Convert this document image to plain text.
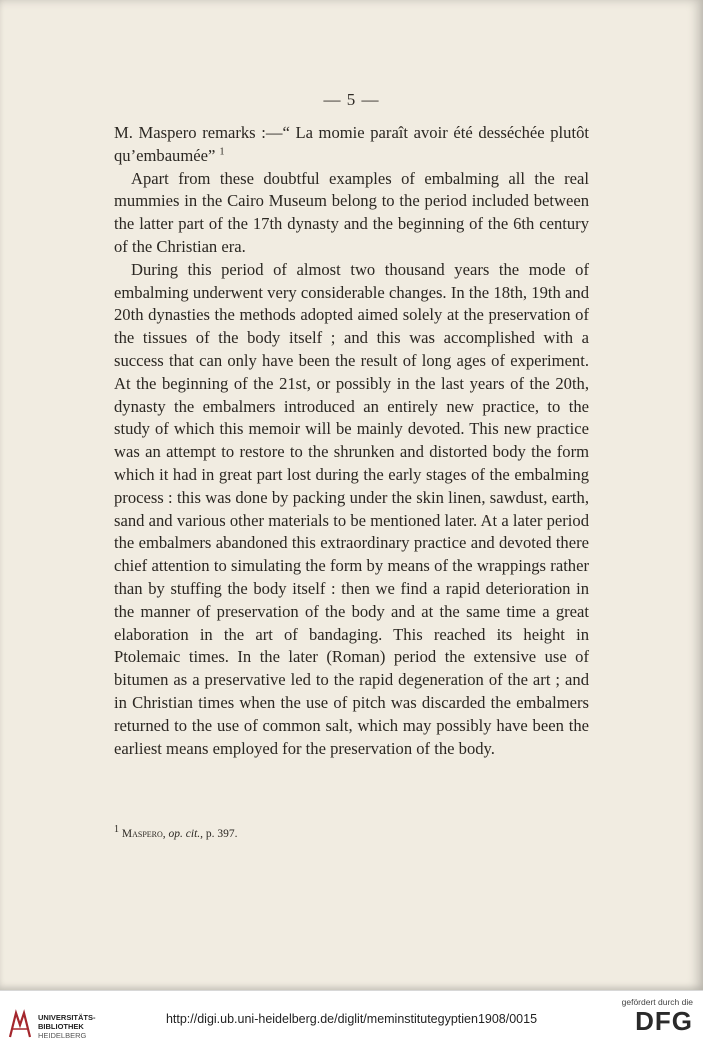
— 5 —

M. Maspero remarks :—“ La momie paraît avoir été desséchée plutôt qu’embaumée” $^1$

Apart from these doubtful examples of embalming all the real mummies in the Cairo Museum belong to the period included between the latter part of the 17th dynasty and the beginning of the 6th century of the Christian era.

During this period of almost two thousand years the mode of embalming underwent very considerable changes. In the 18th, 19th and 20th dynasties the methods adopted aimed solely at the preservation of the tissues of the body itself ; and this was accomplished with a success that can only have been the result of long ages of experiment. At the beginning of the 21st, or possibly in the last years of the 20th, dynasty the embalmers introduced an entirely new practice, to the study of which this memoir will be mainly devoted. This new practice was an attempt to restore to the shrunken and distorted body the form which it had in great part lost during the early stages of the embalming process : this was done by packing under the skin linen, sawdust, earth, sand and various other materials to be mentioned later. At a later period the embalmers abandoned this extraordinary practice and devoted there chief attention to simulating the form by means of the wrappings rather than by stuffing the body itself : then we find a rapid deterioration in the manner of preservation of the body and at the same time a great elaboration in the art of bandaging. This reached its height in Ptolemaic times. In the later (Roman) period the extensive use of bitumen as a preservative led to the rapid degeneration of the art ; and in Christian times when the use of pitch was discarded the embalmers returned to the use of common salt, which may possibly have been the earliest means employed for the preservation of the body.

1 Maspero, op. cit., p. 397.
UNIVERSITÄTS-
BIBLIOTHEK
HEIDELBERG
http://digi.ub.uni-heidelberg.de/diglit/meminstitutegyptien1908/0015
gefördert durch die
DFG
